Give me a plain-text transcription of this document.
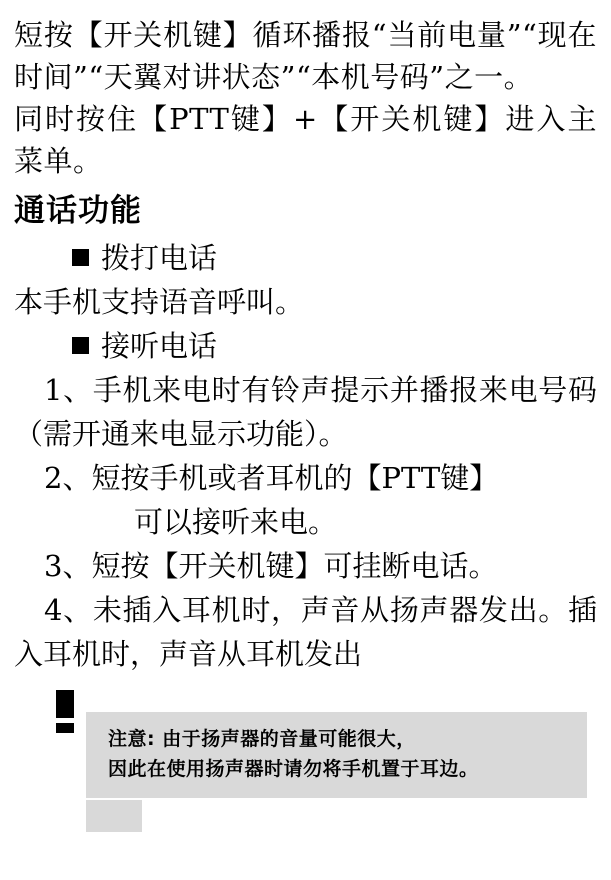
短按【开关机键】循环播报“当前电量”“现在时间”“天翼对讲状态”“本机号码”之一。

同时按住【PTT键】+【开关机键】进入主菜单。

通话功能

拨打电话

本手机支持语音呼叫。

接听电话

1、手机来电时有铃声提示并播报来电号码（需开通来电显示功能）。

2、短按手机或者耳机的【PTT键】

可以接听来电。

3、短按【开关机键】可挂断电话。

4、未插入耳机时，声音从扬声器发出。插入耳机时，声音从耳机发出

注意: 由于扬声器的音量可能很大，

因此在使用扬声器时请勿将手机置于耳边。
